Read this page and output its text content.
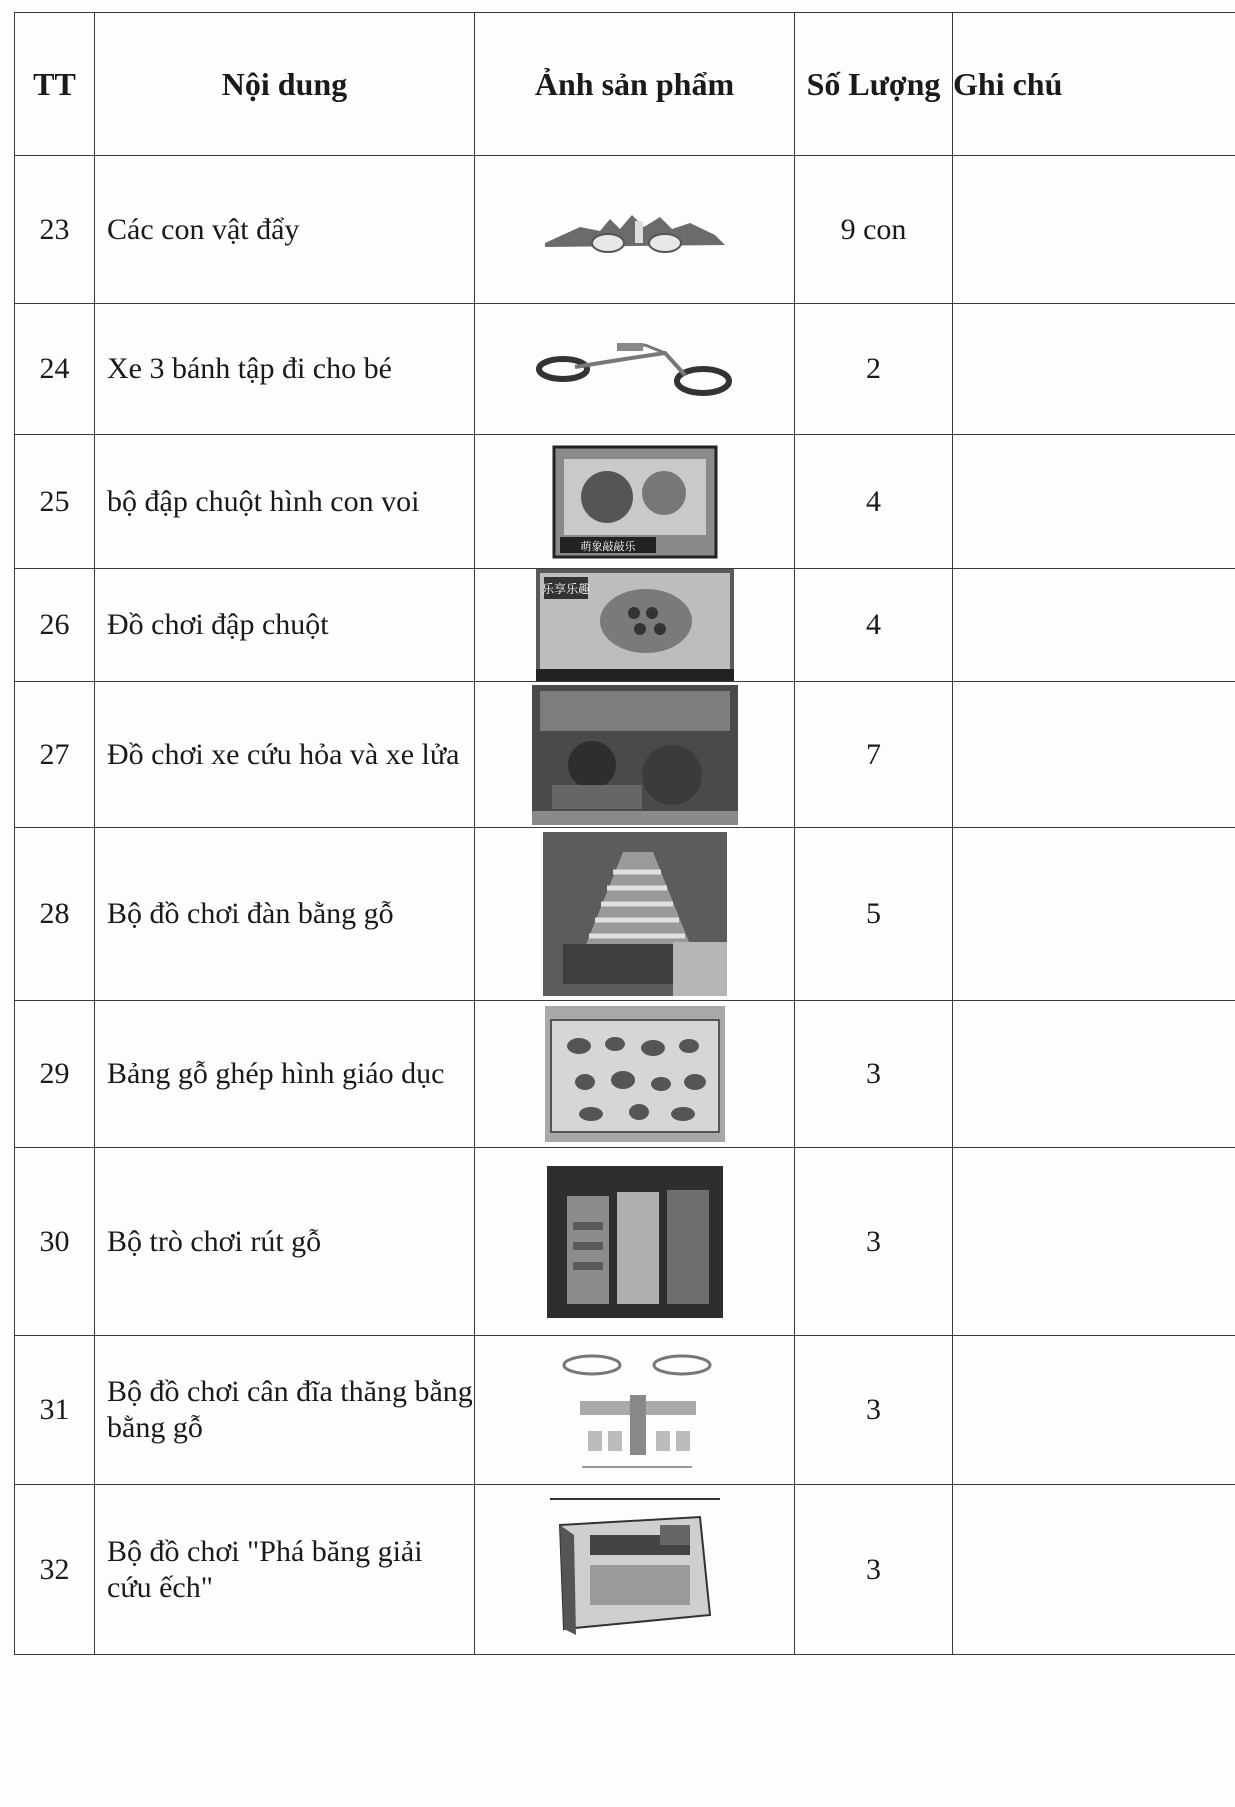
TT	Nội dung	Ảnh sản phẩm	Số Lượng	Ghi chú
23	Các con vật đẩy		9 con	
24	Xe 3 bánh tập đi cho bé		2	
25	bộ đập chuột hình con voi	萌象敲敲乐	4	
26	Đồ chơi đập chuột	乐享乐趣	4	
27	Đồ chơi xe cứu hỏa và xe lửa		7	
28	Bộ đồ chơi đàn bằng gỗ		5	
29	Bảng gỗ ghép hình giáo dục		3	
30	Bộ trò chơi rút gỗ		3	
31	Bộ đồ chơi cân đĩa thăng bằng bằng gỗ		3	
32	Bộ đồ chơi "Phá băng giải cứu ếch"		3	
